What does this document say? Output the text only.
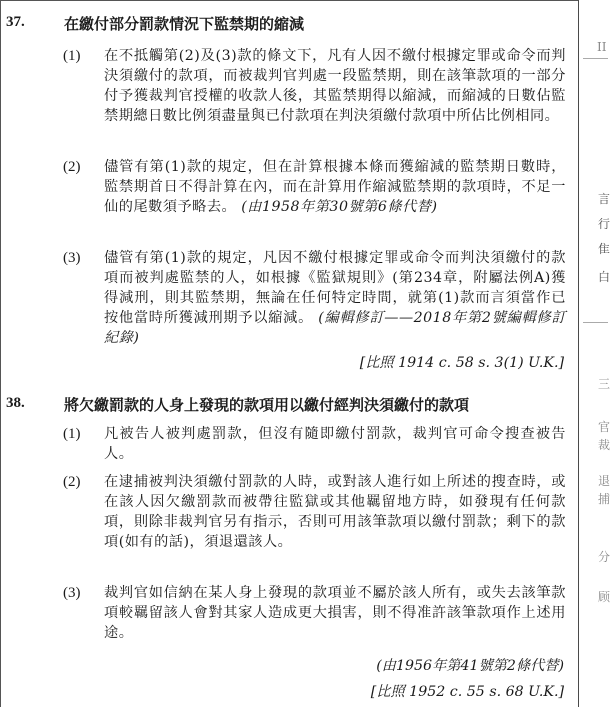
37.	在繳付部分罰款情況下監禁期的縮減
(1)	在不抵觸第(2)及(3)款的條文下，凡有人因不繳付根據定罪或命令而判決須繳付的款項，而被裁判官判處一段監禁期，則在該筆款項的一部分付予獲裁判官授權的收款人後，其監禁期得以縮減，而縮減的日數佔監禁期總日數比例須盡量與已付款項在判決須繳付款項中所佔比例相同。
(2)	儘管有第(1)款的規定，但在計算根據本條而獲縮減的監禁期日數時，監禁期首日不得計算在內，而在計算用作縮減監禁期的款項時，不足一仙的尾數須予略去。 (由1958年第30號第6條代替)
(3)	儘管有第(1)款的規定，凡因不繳付根據定罪或命令而判決須繳付的款項而被判處監禁的人，如根據《監獄規則》(第234章，附屬法例A)獲得減刑，則其監禁期，無論在任何特定時間，就第(1)款而言須當作已按他當時所獲減刑期予以縮減。 (編輯修訂——2018年第2號編輯修訂紀錄)
[比照 1914 c. 58 s. 3(1) U.K.]
38.	將欠繳罰款的人身上發現的款項用以繳付經判決須繳付的款項
(1)	凡被告人被判處罰款，但沒有隨即繳付罰款，裁判官可命令搜查被告人。
(2)	在逮捕被判決須繳付罰款的人時，或對該人進行如上所述的搜查時，或在該人因欠繳罰款而被帶往監獄或其他羈留地方時，如發現有任何款項，則除非裁判官另有指示，否則可用該筆款項以繳付罰款；剩下的款項(如有的話)，須退還該人。
(3)	裁判官如信納在某人身上發現的款項並不屬於該人所有，或失去該筆款項較羈留該人會對其家人造成更大損害，則不得准許該筆款項作上述用途。
(由1956年第41號第2條代替)
[比照 1952 c. 55 s. 68 U.K.]
II
言
行
隹
白
三
官
裁
退
捕
分
顾
